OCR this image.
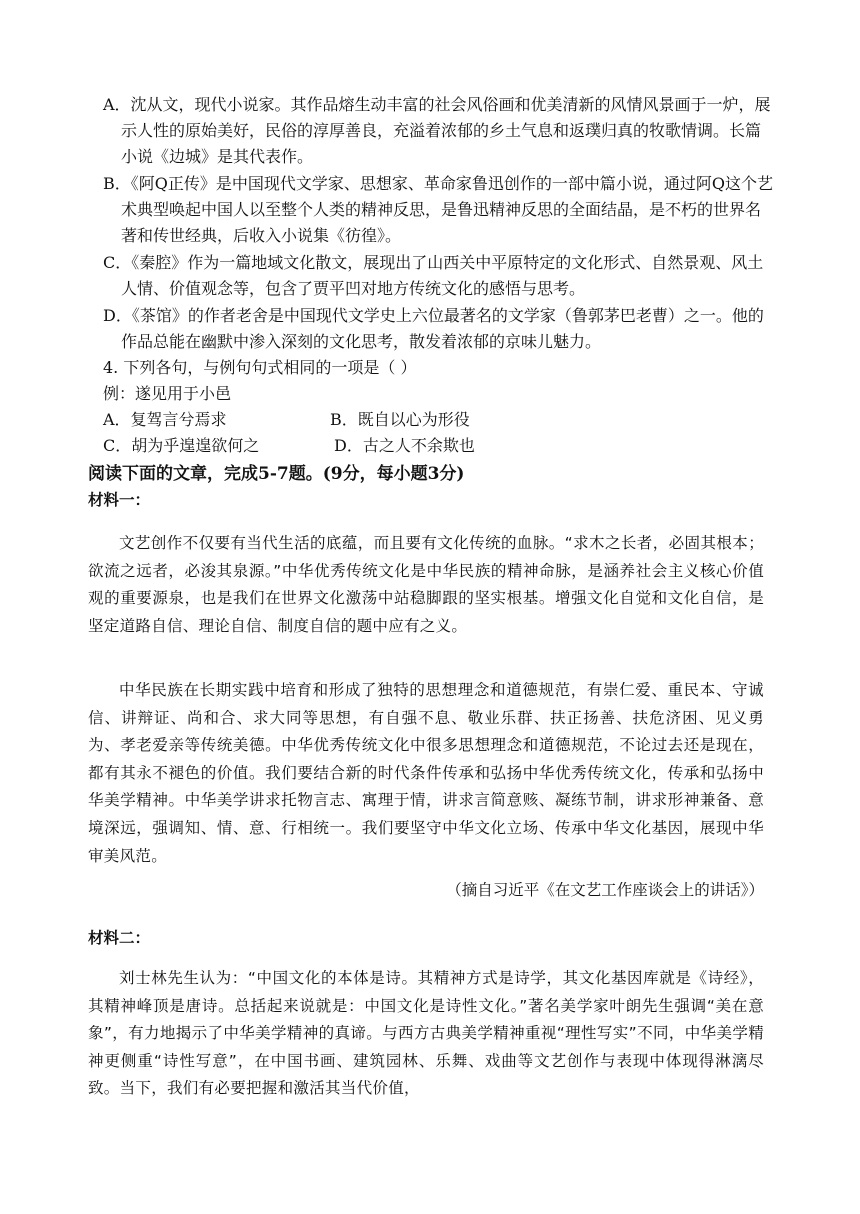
A．沈从文，现代小说家。其作品熔生动丰富的社会风俗画和优美清新的风情风景画于一炉，展示人性的原始美好，民俗的淳厚善良，充溢着浓郁的乡土气息和返璞归真的牧歌情调。长篇小说《边城》是其代表作。
B．《阿Q正传》是中国现代文学家、思想家、革命家鲁迅创作的一部中篇小说，通过阿Q这个艺术典型唤起中国人以至整个人类的精神反思，是鲁迅精神反思的全面结晶，是不朽的世界名著和传世经典，后收入小说集《彷徨》。
C．《秦腔》作为一篇地域文化散文，展现出了山西关中平原特定的文化形式、自然景观、风土人情、价值观念等，包含了贾平凹对地方传统文化的感悟与思考。
D．《茶馆》的作者老舍是中国现代文学史上六位最著名的文学家（鲁郭茅巴老曹）之一。他的作品总能在幽默中渗入深刻的文化思考，散发着浓郁的京味儿魅力。
4. 下列各句，与例句句式相同的一项是（ ）
例：遂见用于小邑
A．复驾言兮焉求	B．既自以心为形役
C．胡为乎遑遑欲何之	D．古之人不余欺也
阅读下面的文章，完成5-7题。(9分，每小题3分)
材料一：
文艺创作不仅要有当代生活的底蕴，而且要有文化传统的血脉。“求木之长者，必固其根本；欲流之远者，必浚其泉源。”中华优秀传统文化是中华民族的精神命脉，是涵养社会主义核心价值观的重要源泉，也是我们在世界文化激荡中站稳脚跟的坚实根基。增强文化自觉和文化自信，是坚定道路自信、理论自信、制度自信的题中应有之义。
中华民族在长期实践中培育和形成了独特的思想理念和道德规范，有崇仁爱、重民本、守诚信、讲辩证、尚和合、求大同等思想，有自强不息、敬业乐群、扶正扬善、扶危济困、见义勇为、孝老爱亲等传统美德。中华优秀传统文化中很多思想理念和道德规范，不论过去还是现在，都有其永不褪色的价值。我们要结合新的时代条件传承和弘扬中华优秀传统文化，传承和弘扬中华美学精神。中华美学讲求托物言志、寓理于情，讲求言简意赅、凝练节制，讲求形神兼备、意境深远，强调知、情、意、行相统一。我们要坚守中华文化立场、传承中华文化基因，展现中华审美风范。
（摘自习近平《在文艺工作座谈会上的讲话》）
材料二：
刘士林先生认为：“中国文化的本体是诗。其精神方式是诗学，其文化基因库就是《诗经》，其精神峰顶是唐诗。总括起来说就是：中国文化是诗性文化。”著名美学家叶朗先生强调“美在意象”，有力地揭示了中华美学精神的真谛。与西方古典美学精神重视“理性写实”不同，中华美学精神更侧重“诗性写意”，在中国书画、建筑园林、乐舞、戏曲等文艺创作与表现中体现得淋漓尽致。当下，我们有必要把握和激活其当代价值，
